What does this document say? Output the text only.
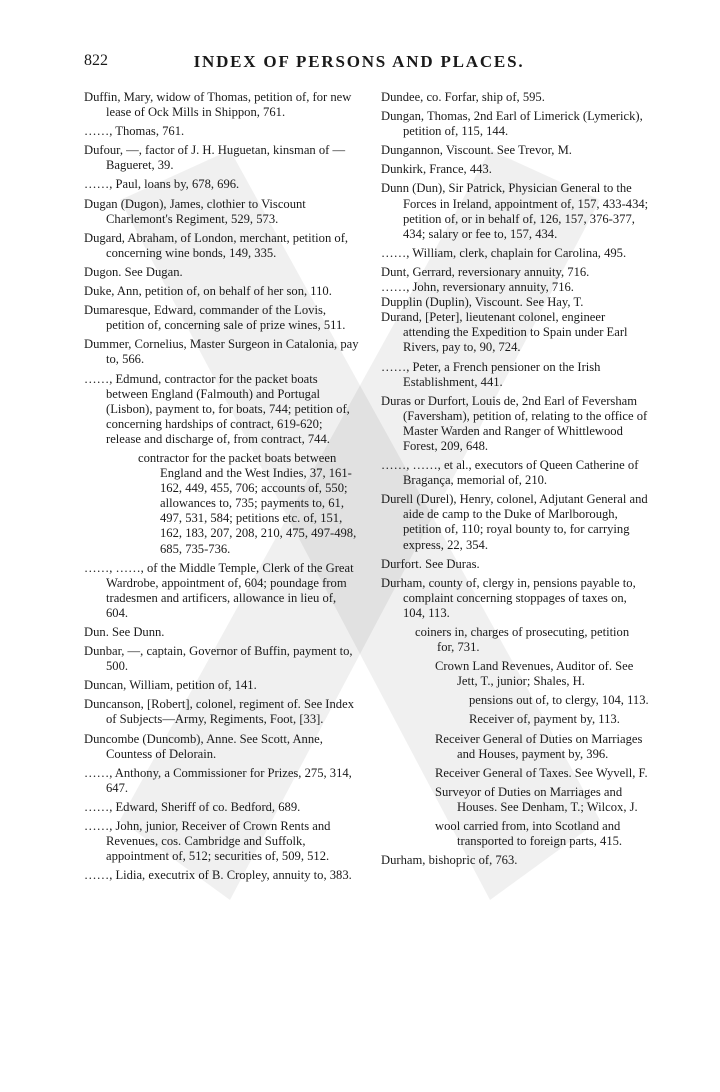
822	INDEX OF PERSONS AND PLACES.
Duffin, Mary, widow of Thomas, petition of, for new lease of Ock Mills in Shippon, 761.
……, Thomas, 761.
Dufour, —, factor of J. H. Huguetan, kinsman of — Bagueret, 39.
……, Paul, loans by, 678, 696.
Dugan (Dugon), James, clothier to Viscount Charlemont's Regiment, 529, 573.
Dugard, Abraham, of London, merchant, petition of, concerning wine bonds, 149, 335.
Dugon. See Dugan.
Duke, Ann, petition of, on behalf of her son, 110.
Dumaresque, Edward, commander of the Lovis, petition of, concerning sale of prize wines, 511.
Dummer, Cornelius, Master Surgeon in Catalonia, pay to, 566.
……, Edmund, contractor for the packet boats between England (Falmouth) and Portugal (Lisbon), payment to, for boats, 744; petition of, concerning hardships of contract, 619-620; release and discharge of, from contract, 744.
contractor for the packet boats between England and the West Indies, 37, 161-162, 449, 455, 706; accounts of, 550; allowances to, 735; payments to, 61, 497, 531, 584; petitions etc. of, 151, 162, 183, 207, 208, 210, 475, 497-498, 685, 735-736.
……, ……, of the Middle Temple, Clerk of the Great Wardrobe, appointment of, 604; poundage from tradesmen and artificers, allowance in lieu of, 604.
Dun. See Dunn.
Dunbar, —, captain, Governor of Buffin, payment to, 500.
Duncan, William, petition of, 141.
Duncanson, [Robert], colonel, regiment of. See Index of Subjects—Army, Regiments, Foot, [33].
Duncombe (Duncomb), Anne. See Scott, Anne, Countess of Delorain.
……, Anthony, a Commissioner for Prizes, 275, 314, 647.
……, Edward, Sheriff of co. Bedford, 689.
……, John, junior, Receiver of Crown Rents and Revenues, cos. Cambridge and Suffolk, appointment of, 512; securities of, 509, 512.
……, Lidia, executrix of B. Cropley, annuity to, 383.
Dundee, co. Forfar, ship of, 595.
Dungan, Thomas, 2nd Earl of Limerick (Lymerick), petition of, 115, 144.
Dungannon, Viscount. See Trevor, M.
Dunkirk, France, 443.
Dunn (Dun), Sir Patrick, Physician General to the Forces in Ireland, appointment of, 157, 433-434; petition of, or in behalf of, 126, 157, 376-377, 434; salary or fee to, 157, 434.
……, William, clerk, chaplain for Carolina, 495.
Dunt, Gerrard, reversionary annuity, 716.
……, John, reversionary annuity, 716.
Dupplin (Duplin), Viscount. See Hay, T.
Durand, [Peter], lieutenant colonel, engineer attending the Expedition to Spain under Earl Rivers, pay to, 90, 724.
……, Peter, a French pensioner on the Irish Establishment, 441.
Duras or Durfort, Louis de, 2nd Earl of Feversham (Faversham), petition of, relating to the office of Master Warden and Ranger of Whittlewood Forest, 209, 648.
……, ……, et al., executors of Queen Catherine of Bragança, memorial of, 210.
Durell (Durel), Henry, colonel, Adjutant General and aide de camp to the Duke of Marlborough, petition of, 110; royal bounty to, for carrying express, 22, 354.
Durfort. See Duras.
Durham, county of, clergy in, pensions payable to, complaint concerning stoppages of taxes on, 104, 113.
coiners in, charges of prosecuting, petition for, 731.
Crown Land Revenues, Auditor of. See Jett, T., junior; Shales, H.
pensions out of, to clergy, 104, 113.
Receiver of, payment by, 113.
Receiver General of Duties on Marriages and Houses, payment by, 396.
Receiver General of Taxes. See Wyvell, F.
Surveyor of Duties on Marriages and Houses. See Denham, T.; Wilcox, J.
wool carried from, into Scotland and transported to foreign parts, 415.
Durham, bishopric of, 763.
